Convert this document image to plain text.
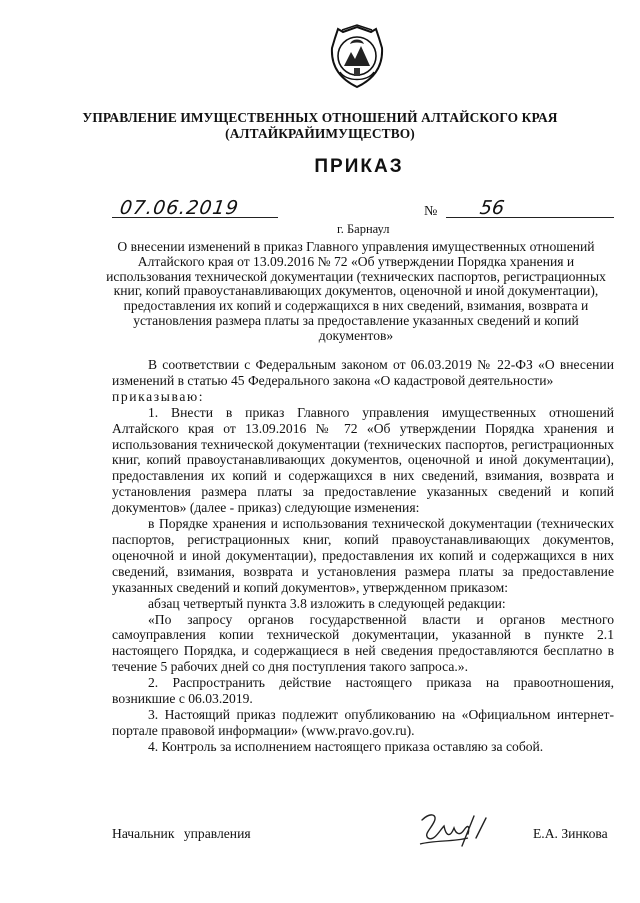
УПРАВЛЕНИЕ ИМУЩЕСТВЕННЫХ ОТНОШЕНИЙ АЛТАЙСКОГО КРАЯ
(АЛТАЙКРАЙИМУЩЕСТВО)
ПРИКАЗ
07.06.2019	№ 56
г. Барнаул
О внесении изменений в приказ Главного управления имущественных отношений Алтайского края от 13.09.2016 № 72 «Об утверждении Порядка хранения и использования технической документации (технических паспортов, регистрационных книг, копий правоустанавливающих документов, оценочной и иной документации), предоставления их копий и содержащихся в них сведений, взимания, возврата и установления размера платы за предоставление указанных сведений и копий документов»

В соответствии с Федеральным законом от 06.03.2019 № 22-ФЗ «О внесении изменений в статью 45 Федерального закона «О кадастровой деятельности»

приказываю:

1. Внести в приказ Главного управления имущественных отношений Алтайского края от 13.09.2016 № 72 «Об утверждении Порядка хранения и использования технической документации (технических паспортов, регистрационных книг, копий правоустанавливающих документов, оценочной и иной документации), предоставления их копий и содержащихся в них сведений, взимания, возврата и установления размера платы за предоставление указанных сведений и копий документов» (далее - приказ) следующие изменения:

в Порядке хранения и использования технической документации (технических паспортов, регистрационных книг, копий правоустанавливающих документов, оценочной и иной документации), предоставления их копий и содержащихся в них сведений, взимания, возврата и установления размера платы за предоставление указанных сведений и копий документов», утвержденном приказом:

абзац четвертый пункта 3.8 изложить в следующей редакции:

«По запросу органов государственной власти и органов местного самоуправления копии технической документации, указанной в пункте 2.1 настоящего Порядка, и содержащиеся в ней сведения предоставляются бесплатно в течение 5 рабочих дней со дня поступления такого запроса.».

2. Распространить действие настоящего приказа на правоотношения, возникшие с 06.03.2019.

3. Настоящий приказ подлежит опубликованию на «Официальном интернет-портале правовой информации» (www.pravo.gov.ru).

4. Контроль за исполнением настоящего приказа оставляю за собой.

Начальник управления	Е.А. Зинкова
